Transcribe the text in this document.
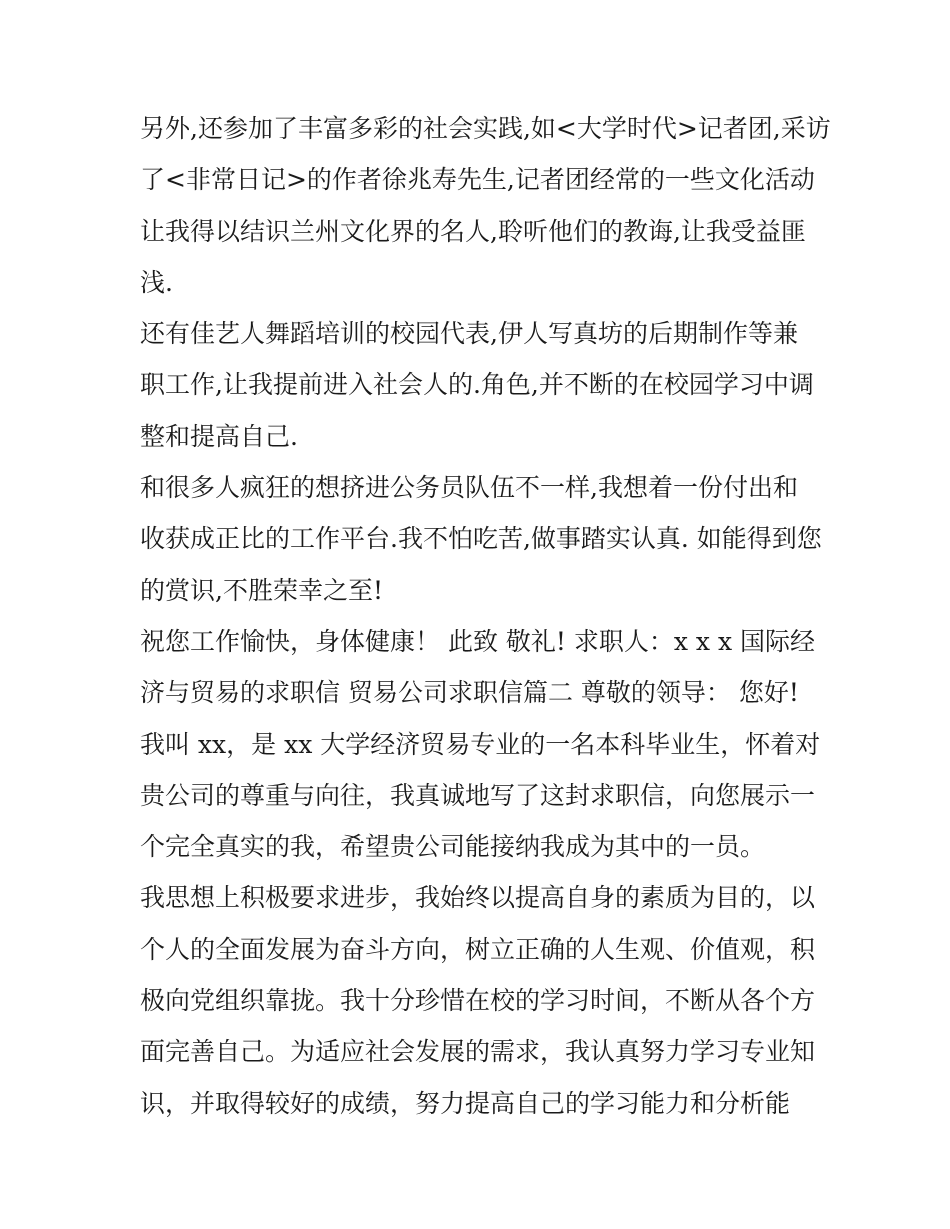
另外,还参加了丰富多彩的社会实践,如<大学时代>记者团,采访
了<非常日记>的作者徐兆寿先生,记者团经常的一些文化活动
让我得以结识兰州文化界的名人,聆听他们的教诲,让我受益匪
浅.
还有佳艺人舞蹈培训的校园代表,伊人写真坊的后期制作等兼
职工作,让我提前进入社会人的.角色,并不断的在校园学习中调
整和提高自己.
和很多人疯狂的想挤进公务员队伍不一样,我想着一份付出和
收获成正比的工作平台.我不怕吃苦,做事踏实认真. 如能得到您
的赏识,不胜荣幸之至!
祝您工作愉快，身体健康！ 此致 敬礼! 求职人：x x x 国际经
济与贸易的求职信 贸易公司求职信篇二 尊敬的领导： 您好!
我叫 xx，是 xx 大学经济贸易专业的一名本科毕业生，怀着对
贵公司的尊重与向往，我真诚地写了这封求职信，向您展示一
个完全真实的我，希望贵公司能接纳我成为其中的一员。
我思想上积极要求进步，我始终以提高自身的素质为目的，以
个人的全面发展为奋斗方向，树立正确的人生观、价值观，积
极向党组织靠拢。我十分珍惜在校的学习时间，不断从各个方
面完善自己。为适应社会发展的需求，我认真努力学习专业知
识，并取得较好的成绩，努力提高自己的学习能力和分析能
